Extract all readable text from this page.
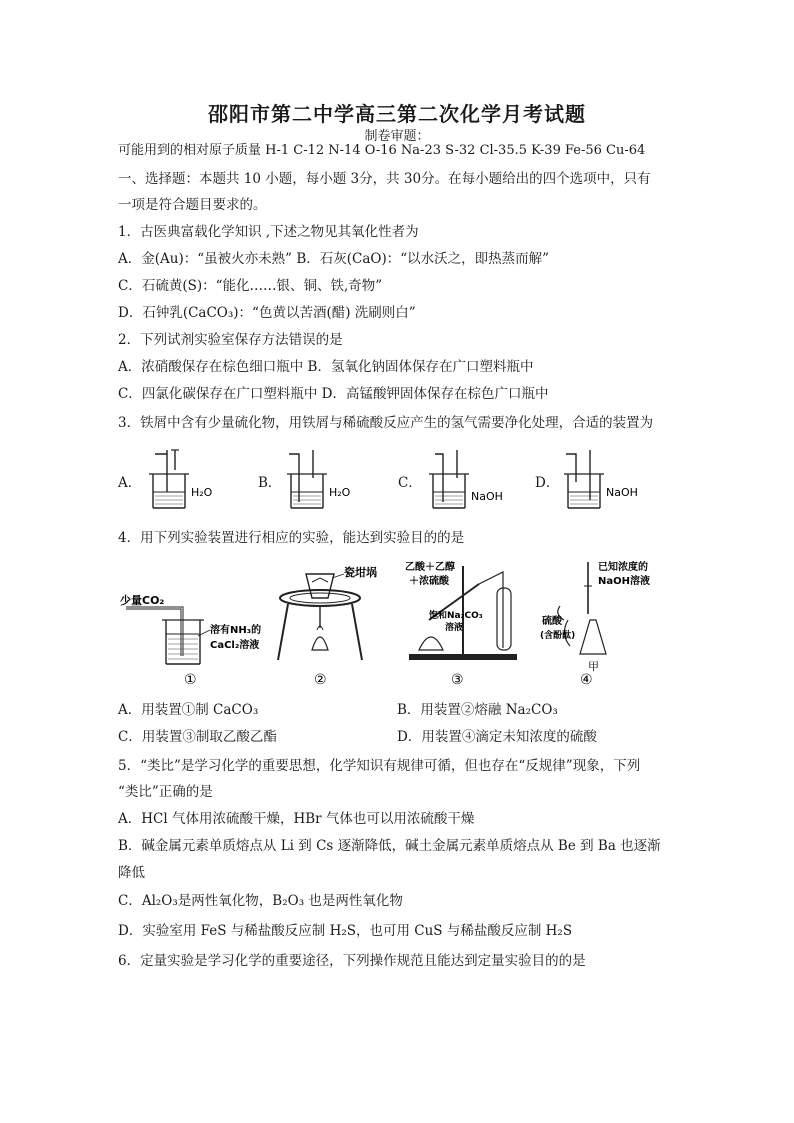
邵阳市第二中学高三第二次化学月考试题
制卷审题：
可能用到的相对原子质量 H-1 C-12 N-14 O-16 Na-23 S-32 Cl-35.5 K-39 Fe-56 Cu-64
一、选择题：本题共 10 小题，每小题 3分，共 30分。在每小题给出的四个选项中，只有
一项是符合题目要求的。
1．古医典富载化学知识 ,下述之物见其氧化性者为
A．金(Au)：“虽被火亦未熟” B．石灰(CaO)：“以水沃之，即热蒸而解”
C．石硫黄(S)：“能化……银、铜、铁,奇物”
D．石钟乳(CaCO₃)：“色黄以苦酒(醋) 洗刷则白”
2．下列试剂实验室保存方法错误的是
A．浓硝酸保存在棕色细口瓶中 B．氢氧化钠固体保存在广口塑料瓶中
C．四氯化碳保存在广口塑料瓶中 D．高锰酸钾固体保存在棕色广口瓶中
3．铁屑中含有少量硫化物，用铁屑与稀硫酸反应产生的氢气需要净化处理，合适的装置为
A．
H₂O
B．
H₂O
C．
NaOH
D．
NaOH
4．用下列实验装置进行相应的实验，能达到实验目的的是
少量CO₂
溶有NH₃的
CaCl₂溶液
①
瓷坩埚
②
乙酸＋乙醇
＋浓硫酸
饱和Na₂CO₃
溶液
③
已知浓度的
NaOH溶液
硫酸
(含酚酞)
甲
④
A．用装置①制 CaCO₃	B．用装置②熔融 Na₂CO₃
C．用装置③制取乙酸乙酯	D．用装置④滴定未知浓度的硫酸
5．“类比”是学习化学的重要思想，化学知识有规律可循，但也存在“反规律”现象，下列
“类比”正确的是
A．HCl 气体用浓硫酸干燥，HBr 气体也可以用浓硫酸干燥
B．碱金属元素单质熔点从 Li 到 Cs 逐渐降低，碱土金属元素单质熔点从 Be 到 Ba 也逐渐
降低
C．Al₂O₃是两性氧化物，B₂O₃ 也是两性氧化物
D．实验室用 FeS 与稀盐酸反应制 H₂S，也可用 CuS 与稀盐酸反应制 H₂S
6．定量实验是学习化学的重要途径，下列操作规范且能达到定量实验目的的是
